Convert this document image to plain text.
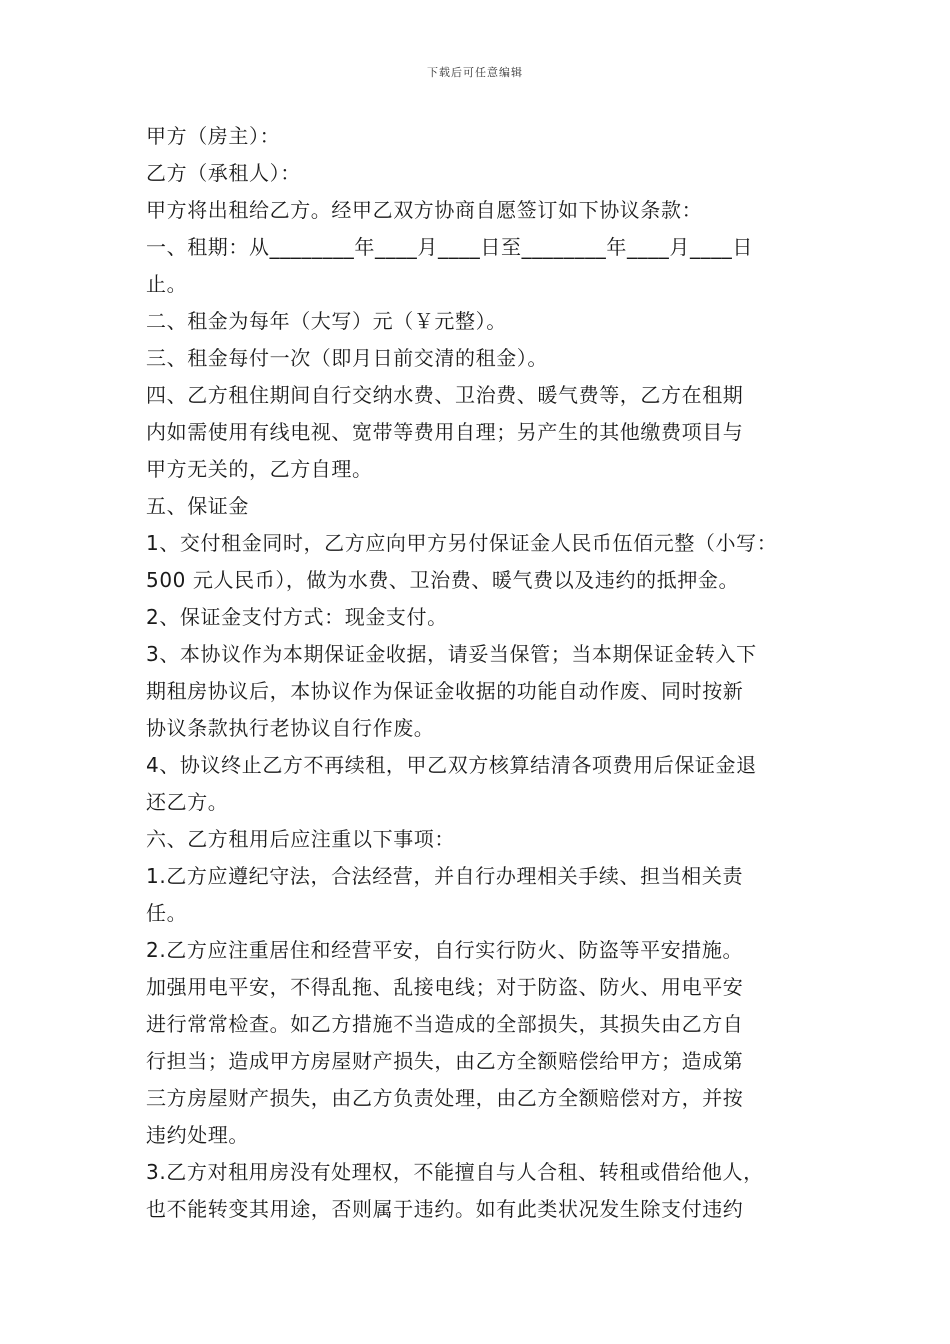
下载后可任意编辑
甲方（房主）：
乙方（承租人）：
甲方将出租给乙方。经甲乙双方协商自愿签订如下协议条款：
一、租期：从________年____月____日至________年____月____日
止。
二、租金为每年（大写）元（￥元整）。
三、租金每付一次（即月日前交清的租金）。
四、乙方租住期间自行交纳水费、卫治费、暖气费等，乙方在租期
内如需使用有线电视、宽带等费用自理；另产生的其他缴费项目与
甲方无关的，乙方自理。
五、保证金
1、交付租金同时，乙方应向甲方另付保证金人民币伍佰元整（小写：
500 元人民币），做为水费、卫治费、暖气费以及违约的抵押金。
2、保证金支付方式：现金支付。
3、本协议作为本期保证金收据，请妥当保管；当本期保证金转入下
期租房协议后，本协议作为保证金收据的功能自动作废、同时按新
协议条款执行老协议自行作废。
4、协议终止乙方不再续租，甲乙双方核算结清各项费用后保证金退
还乙方。
六、乙方租用后应注重以下事项：
1.乙方应遵纪守法，合法经营，并自行办理相关手续、担当相关责
任。
2.乙方应注重居住和经营平安，自行实行防火、防盗等平安措施。
加强用电平安，不得乱拖、乱接电线；对于防盗、防火、用电平安
进行常常检查。如乙方措施不当造成的全部损失，其损失由乙方自
行担当；造成甲方房屋财产损失，由乙方全额赔偿给甲方；造成第
三方房屋财产损失，由乙方负责处理，由乙方全额赔偿对方，并按
违约处理。
3.乙方对租用房没有处理权，不能擅自与人合租、转租或借给他人，
也不能转变其用途，否则属于违约。如有此类状况发生除支付违约
